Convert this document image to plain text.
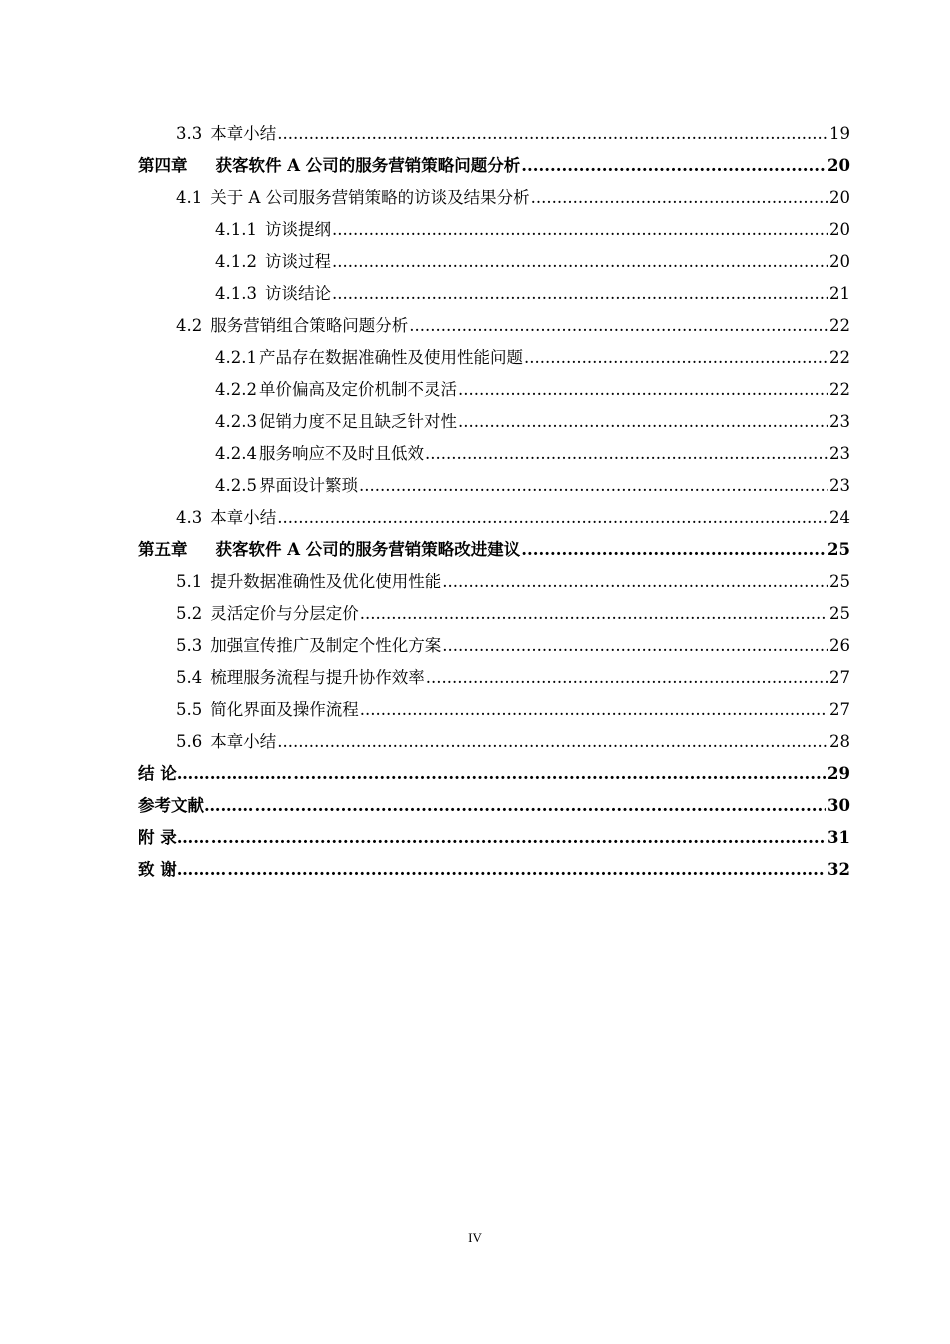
3.3 本章小结 .....	19
第四章 获客软件 A 公司的服务营销策略问题分析 .....	20
4.1 关于 A 公司服务营销策略的访谈及结果分析 .....	20
4.1.1 访谈提纲 .....	20
4.1.2 访谈过程 .....	20
4.1.3 访谈结论 .....	21
4.2 服务营销组合策略问题分析 .....	22
4.2.1 产品存在数据准确性及使用性能问题 .....	22
4.2.2 单价偏高及定价机制不灵活 .....	22
4.2.3 促销力度不足且缺乏针对性 .....	23
4.2.4 服务响应不及时且低效 .....	23
4.2.5 界面设计繁琐 .....	23
4.3 本章小结 .....	24
第五章 获客软件 A 公司的服务营销策略改进建议 .....	25
5.1 提升数据准确性及优化使用性能 .....	25
5.2 灵活定价与分层定价 .....	25
5.3 加强宣传推广及制定个性化方案 .....	26
5.4 梳理服务流程与提升协作效率 .....	27
5.5 简化界面及操作流程 .....	27
5.6 本章小结 .....	28
结 论………………… .....	29
参考文献……… .....	30
附 录…… .....	31
致 谢……… .....	32
IV
